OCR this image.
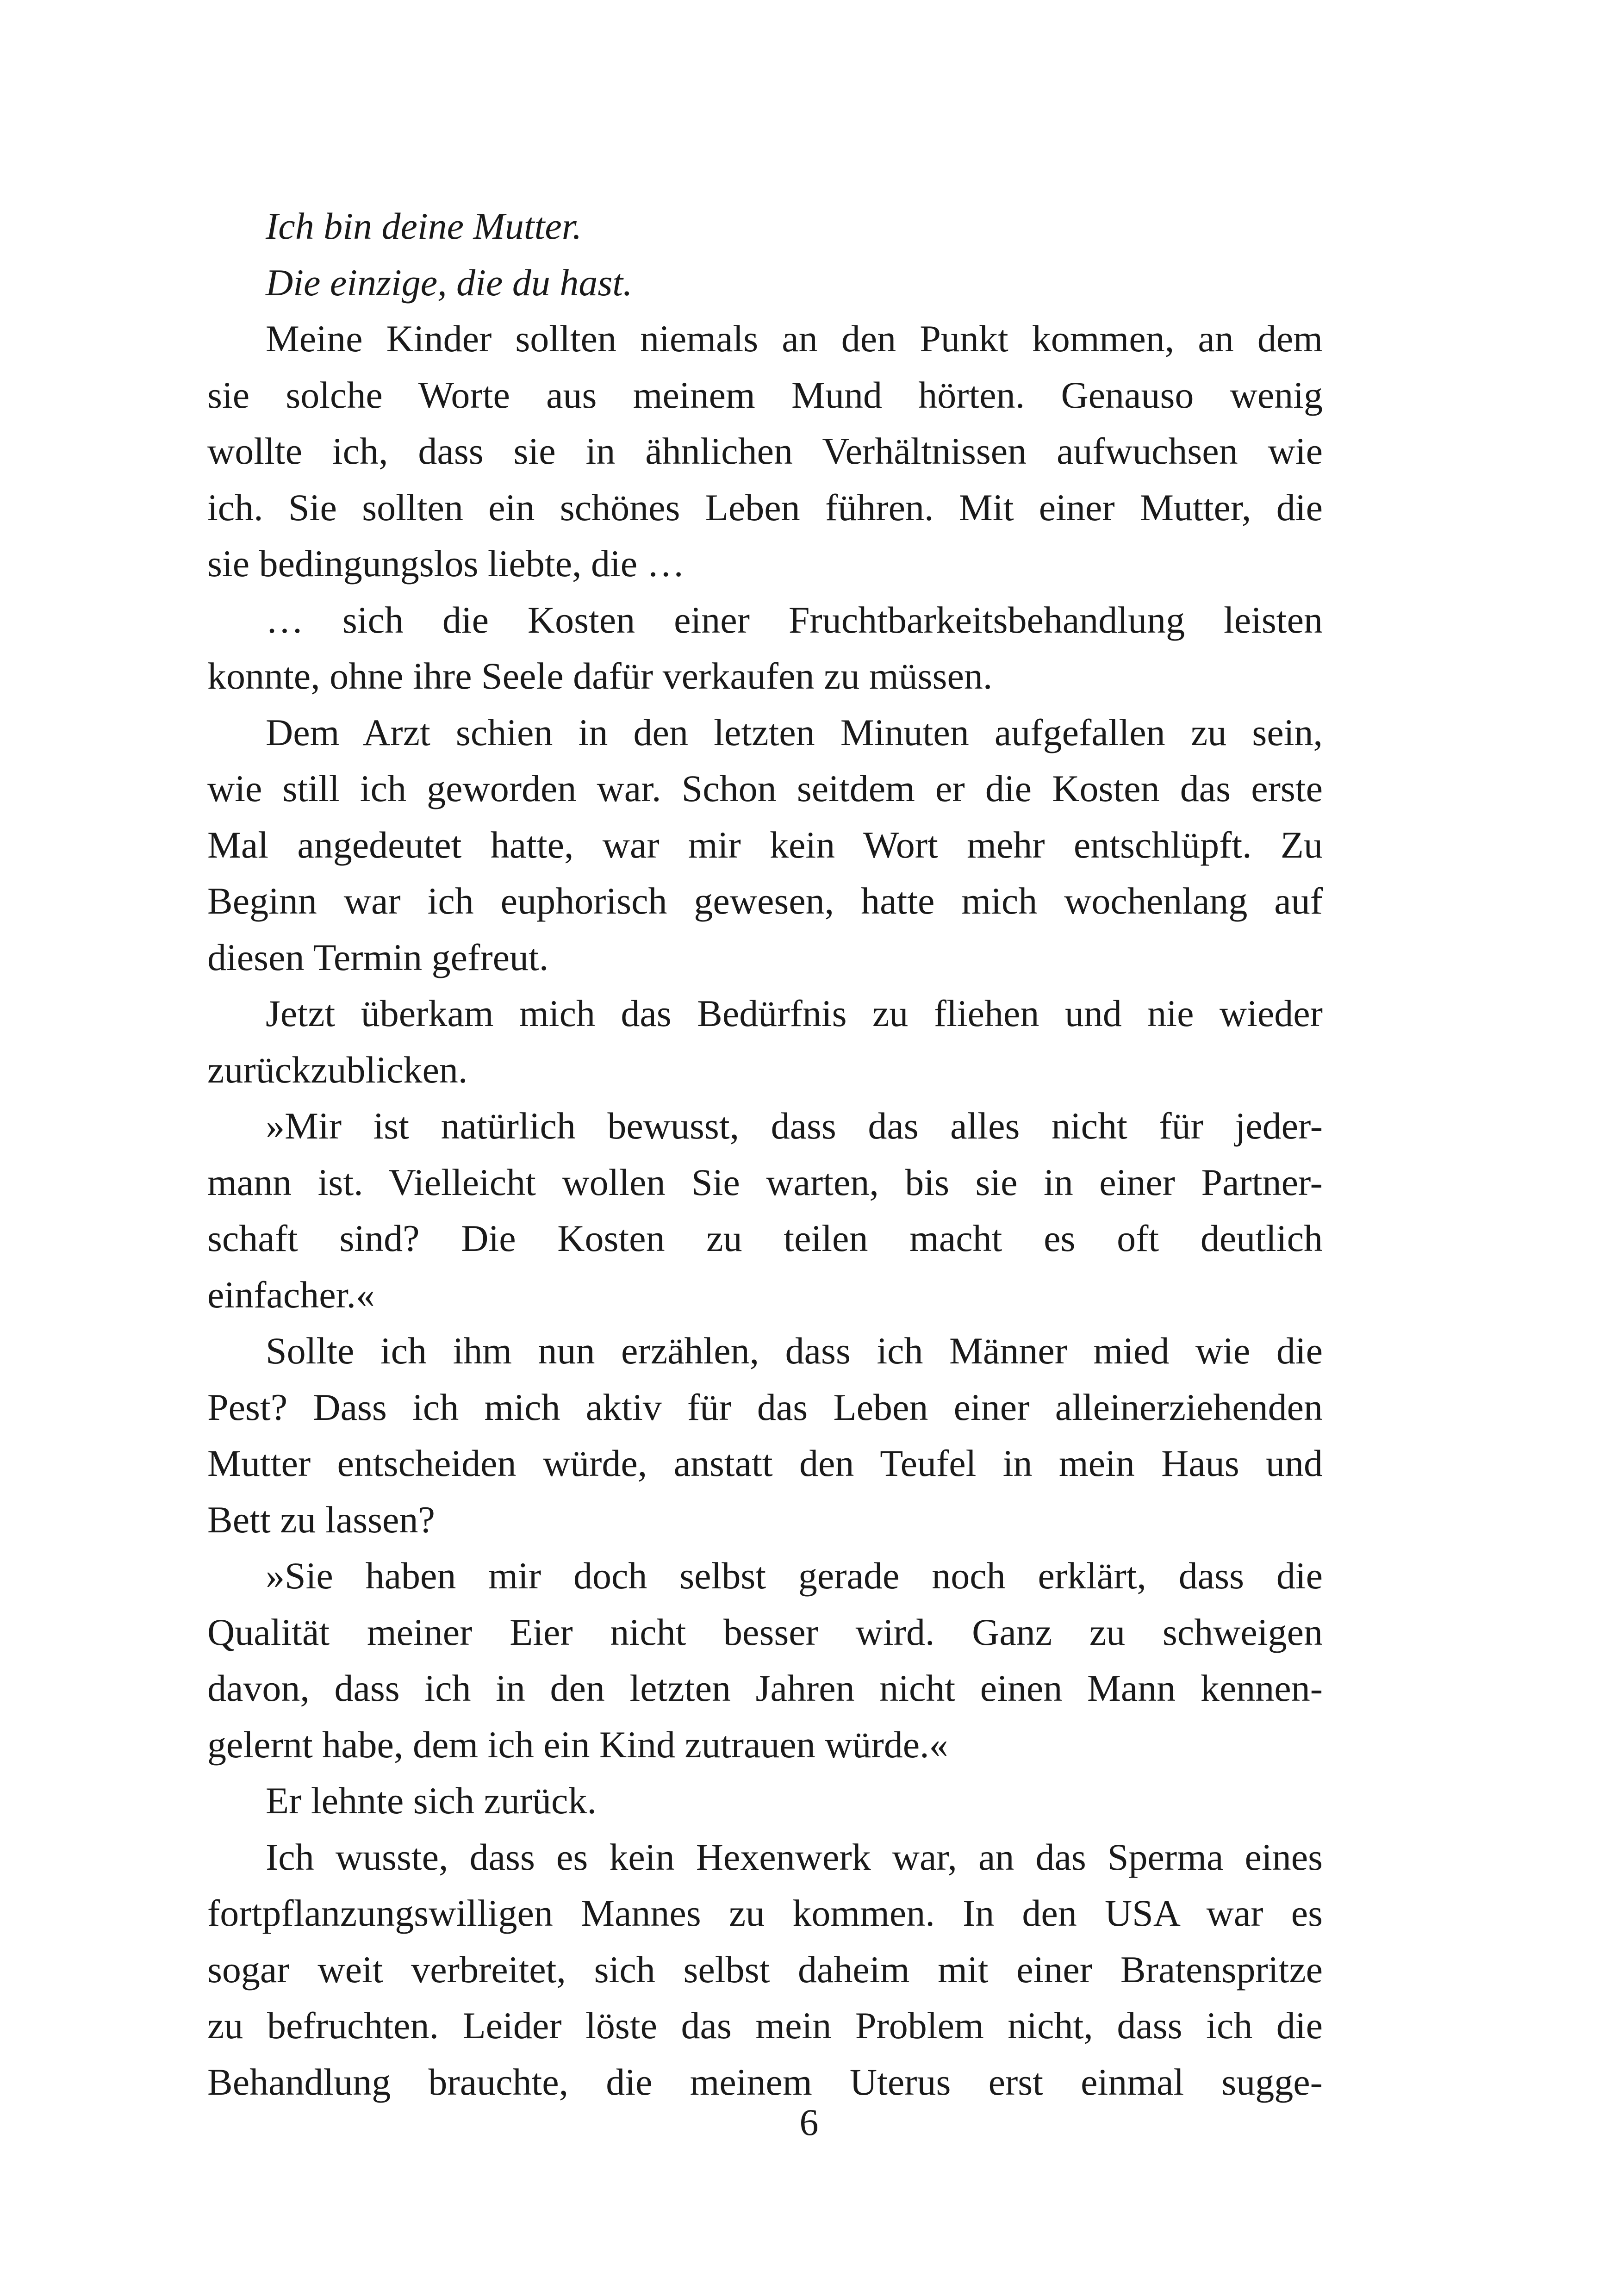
Ich bin deine Mutter.
Die einzige, die du hast.
Meine Kinder sollten niemals an den Punkt kommen, an dem
sie solche Worte aus meinem Mund hörten. Genauso wenig
wollte ich, dass sie in ähnlichen Verhältnissen aufwuchsen wie
ich. Sie sollten ein schönes Leben führen. Mit einer Mutter, die
sie bedingungslos liebte, die …
… sich die Kosten einer Fruchtbarkeitsbehandlung leisten
konnte, ohne ihre Seele dafür verkaufen zu müssen.
Dem Arzt schien in den letzten Minuten aufgefallen zu sein,
wie still ich geworden war. Schon seitdem er die Kosten das erste
Mal angedeutet hatte, war mir kein Wort mehr entschlüpft. Zu
Beginn war ich euphorisch gewesen, hatte mich wochenlang auf
diesen Termin gefreut.
Jetzt überkam mich das Bedürfnis zu fliehen und nie wieder
zurückzublicken.
»Mir ist natürlich bewusst, dass das alles nicht für jeder-
mann ist. Vielleicht wollen Sie warten, bis sie in einer Partner-
schaft sind? Die Kosten zu teilen macht es oft deutlich
einfacher.«
Sollte ich ihm nun erzählen, dass ich Männer mied wie die
Pest? Dass ich mich aktiv für das Leben einer alleinerziehenden
Mutter entscheiden würde, anstatt den Teufel in mein Haus und
Bett zu lassen?
»Sie haben mir doch selbst gerade noch erklärt, dass die
Qualität meiner Eier nicht besser wird. Ganz zu schweigen
davon, dass ich in den letzten Jahren nicht einen Mann kennen-
gelernt habe, dem ich ein Kind zutrauen würde.«
Er lehnte sich zurück.
Ich wusste, dass es kein Hexenwerk war, an das Sperma eines
fortpflanzungswilligen Mannes zu kommen. In den USA war es
sogar weit verbreitet, sich selbst daheim mit einer Bratenspritze
zu befruchten. Leider löste das mein Problem nicht, dass ich die
Behandlung brauchte, die meinem Uterus erst einmal sugge-
6
